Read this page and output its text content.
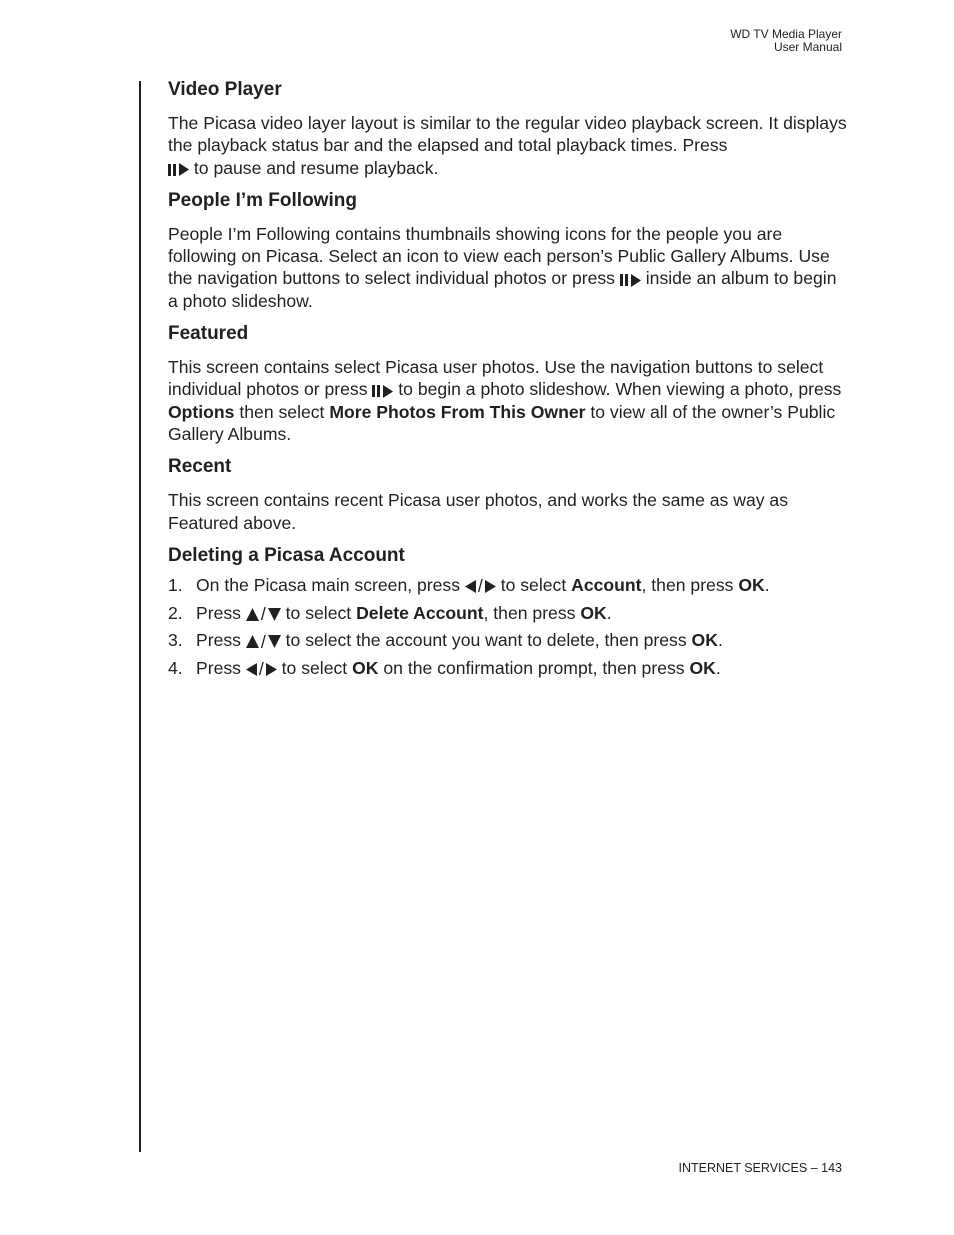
WD TV Media Player
User Manual
Video Player

The Picasa video layer layout is similar to the regular video playback screen. It displays the playback status bar and the elapsed and total playback times. Press

to pause and resume playback.

People I’m Following

People I’m Following contains thumbnails showing icons for the people you are following on Picasa. Select an icon to view each person’s Public Gallery Albums. Use the navigation buttons to select individual photos or press inside an album to begin a photo slideshow.

Featured

This screen contains select Picasa user photos. Use the navigation buttons to select individual photos or press to begin a photo slideshow. When viewing a photo, press Options then select More Photos From This Owner to view all of the owner’s Public Gallery Albums.

Recent

This screen contains recent Picasa user photos, and works the same as way as Featured above.

Deleting a Picasa Account
1. On the Picasa main screen, press / to select Account, then press OK.
2. Press / to select Delete Account, then press OK.
3. Press / to select the account you want to delete, then press OK.
4. Press / to select OK on the confirmation prompt, then press OK.
INTERNET SERVICES – 143
